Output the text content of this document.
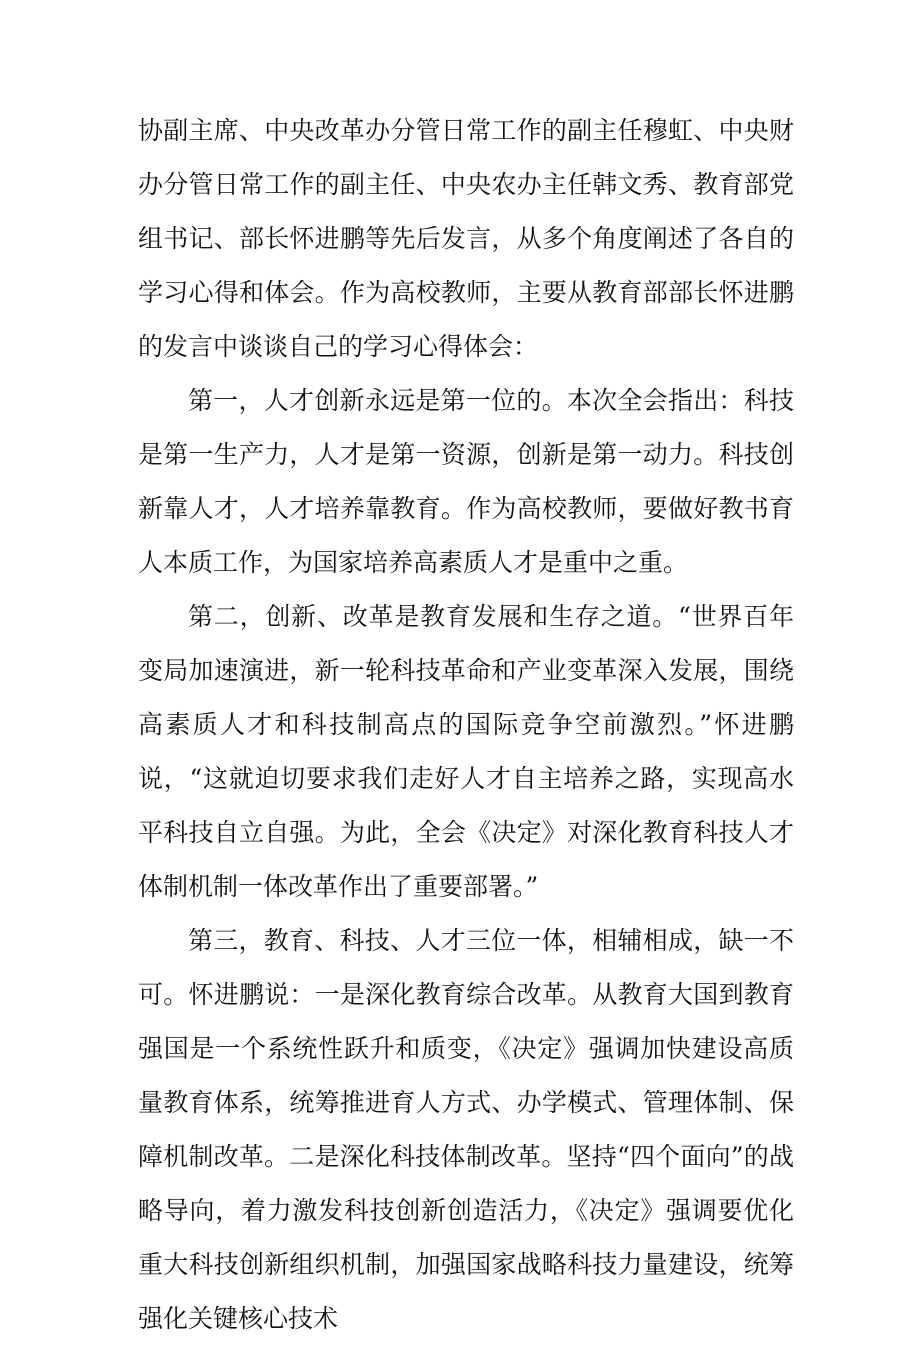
协副主席、中央改革办分管日常工作的副主任穆虹、中央财办分管日常工作的副主任、中央农办主任韩文秀、教育部党组书记、部长怀进鹏等先后发言，从多个角度阐述了各自的学习心得和体会。作为高校教师，主要从教育部部长怀进鹏的发言中谈谈自己的学习心得体会：

第一，人才创新永远是第一位的。本次全会指出：科技是第一生产力，人才是第一资源，创新是第一动力。科技创新靠人才，人才培养靠教育。作为高校教师，要做好教书育人本质工作，为国家培养高素质人才是重中之重。

第二，创新、改革是教育发展和生存之道。“世界百年变局加速演进，新一轮科技革命和产业变革深入发展，围绕高素质人才和科技制高点的国际竞争空前激烈。”怀进鹏说，“这就迫切要求我们走好人才自主培养之路，实现高水平科技自立自强。为此，全会《决定》对深化教育科技人才体制机制一体改革作出了重要部署。”

第三，教育、科技、人才三位一体，相辅相成，缺一不可。怀进鹏说：一是深化教育综合改革。从教育大国到教育强国是一个系统性跃升和质变，《决定》强调加快建设高质量教育体系，统筹推进育人方式、办学模式、管理体制、保障机制改革。二是深化科技体制改革。坚持“四个面向”的战略导向，着力激发科技创新创造活力，《决定》强调要优化重大科技创新组织机制，加强国家战略科技力量建设，统筹强化关键核心技术
